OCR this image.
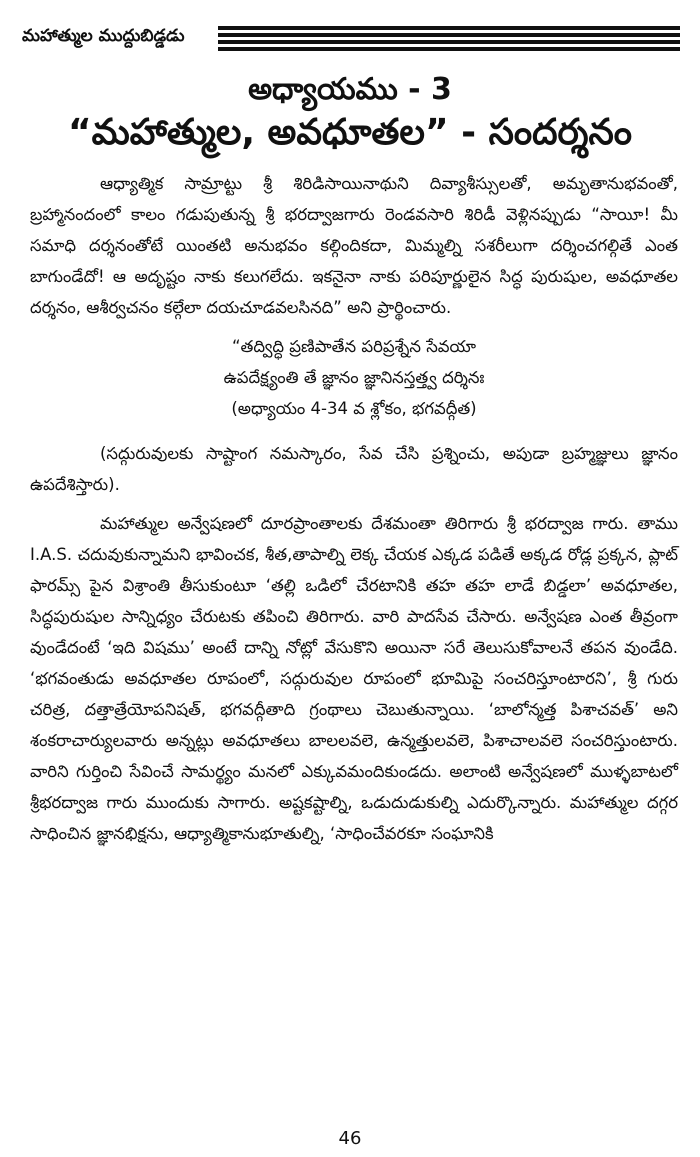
మహాత్ముల ముద్దుబిడ్డడు
అధ్యాయము - 3
“మహాత్ముల, అవధూతల” - సందర్శనం

ఆధ్యాత్మిక సామ్రాట్టు శ్రీ శిరిడిసాయినాథుని దివ్యాశీస్సులతో, అమృతానుభవంతో, బ్రహ్మానందంలో కాలం గడుపుతున్న శ్రీ భరద్వాజగారు రెండవసారి శిరిడీ వెళ్లినప్పుడు “సాయీ! మీ సమాధి దర్శనంతోటే యింతటి అనుభవం కల్గిందికదా, మిమ్మల్ని సశరీలుగా దర్శించగల్గితే ఎంత బాగుండేదో! ఆ అదృష్టం నాకు కలుగలేదు. ఇకనైనా నాకు పరిపూర్ణులైన సిద్ధ పురుషుల, అవధూతల దర్శనం, ఆశీర్వచనం కల్గేలా దయచూడవలసినది” అని ప్రార్థించారు.

“తద్విద్ధి ప్రణిపాతేన పరిప్రశ్నేన సేవయా
ఉపదేక్ష్యంతి తే జ్ఞానం జ్ఞానినస్తత్త్వ దర్శినః
(అధ్యాయం 4-34 వ శ్లోకం, భగవద్గీత)

(సద్గురువులకు సాష్టాంగ నమస్కారం, సేవ చేసి ప్రశ్నించు, అపుడా బ్రహ్మజ్ఞులు జ్ఞానం ఉపదేశిస్తారు).

మహాత్ముల అన్వేషణలో దూరప్రాంతాలకు దేశమంతా తిరిగారు శ్రీ భరద్వాజ గారు. తాము I.A.S. చదువుకున్నామని భావించక, శీత,తాపాల్ని లెక్క చేయక ఎక్కడ పడితే అక్కడ రోడ్ల ప్రక్కన, ప్లాట్ ఫారమ్స్ పైన విశ్రాంతి తీసుకుంటూ ‘తల్లి ఒడిలో చేరటానికి తహ తహ లాడే బిడ్డలా’ అవధూతల, సిద్ధపురుషుల సాన్నిధ్యం చేరుటకు తపించి తిరిగారు. వారి పాదసేవ చేసారు. అన్వేషణ ఎంత తీవ్రంగా వుండేదంటే ‘ఇది విషము’ అంటే దాన్ని నోట్లో వేసుకొని అయినా సరే తెలుసుకోవాలనే తపన వుండేది. ‘భగవంతుడు అవధూతల రూపంలో, సద్గురువుల రూపంలో భూమిపై సంచరిస్తూంటారని’, శ్రీ గురు చరిత్ర, దత్తాత్రేయోపనిషత్, భగవద్గీతాది గ్రంథాలు చెబుతున్నాయి. ‘బాలోన్మత్త పిశాచవత్’ అని శంకరాచార్యులవారు అన్నట్లు అవధూతలు బాలలవలె, ఉన్మత్తులవలె, పిశాచాలవలె సంచరిస్తుంటారు. వారిని గుర్తించి సేవించే సామర్థ్యం మనలో ఎక్కువమందికుండదు. అలాంటి అన్వేషణలో ముళ్ళబాటలో శ్రీభరద్వాజ గారు ముందుకు సాగారు. అష్టకష్టాల్ని, ఒడుదుడుకుల్ని ఎదుర్కొన్నారు. మహాత్ముల దగ్గర సాధించిన జ్ఞానభిక్షను, ఆధ్యాత్మికానుభూతుల్ని, ‘సాధించేవరకూ సంఘానికి

46
